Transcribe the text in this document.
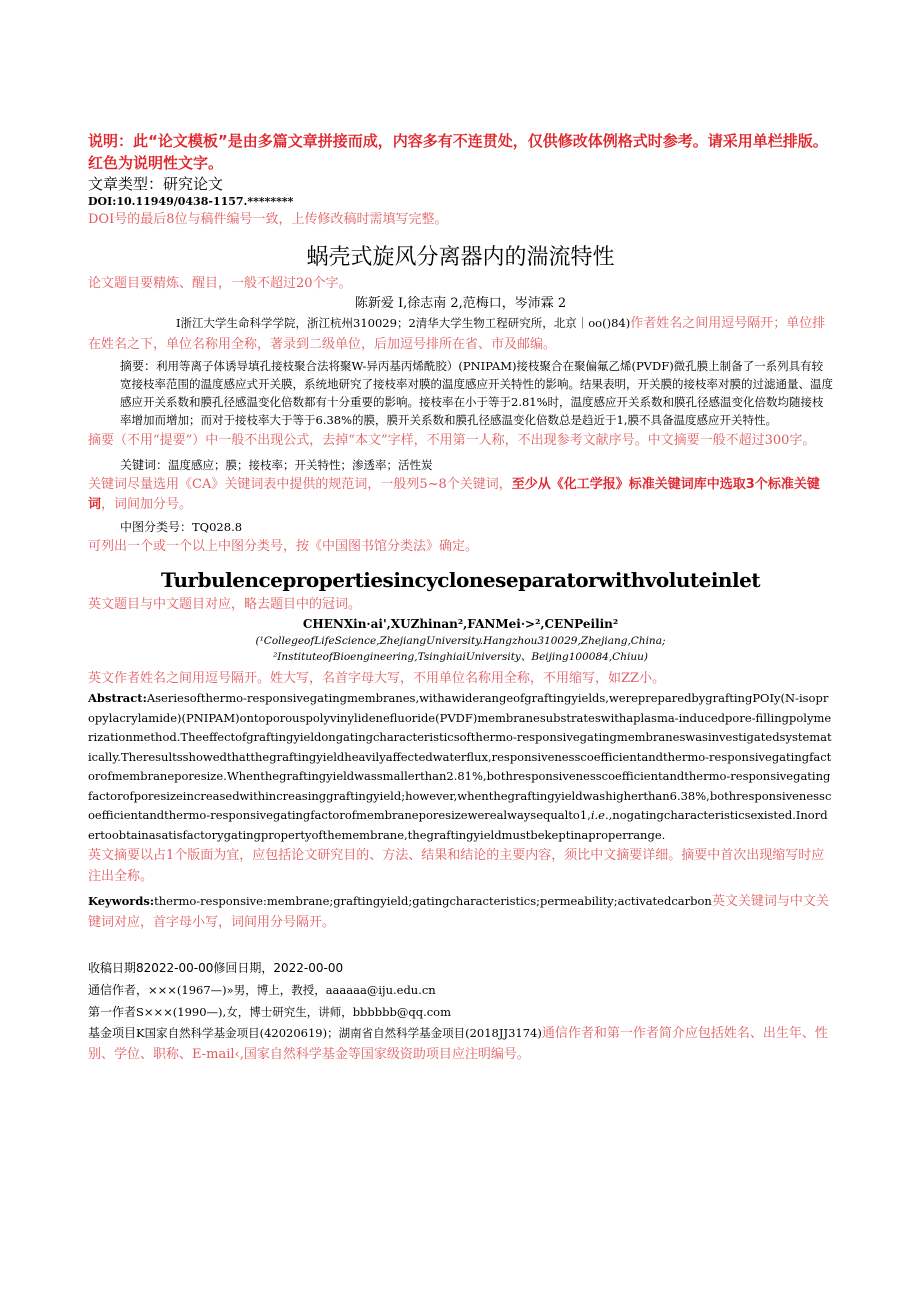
说明：此“论文模板”是由多篇文章拼接而成，内容多有不连贯处，仅供修改体例格式时参考。请采用单栏排版。红色为说明性文字。

文章类型：研究论文

DOI:10.11949/0438-1157.********

DOI号的最后8位与稿件编号一致，上传修改稿时需填写完整。

蜗壳式旋风分离器内的湍流特性

论文题目要精炼、醒目，一般不超过20个字。

陈新爱 I,徐志南 2,范梅口，岑沛霖 2

I浙江大学生命科学学院，浙江杭州310029；2清华大学生物工程研究所，北京｜oo()84)作者姓名之间用逗号隔开；单位排在姓名之下，单位名称用全称，著录到二级单位，后加逗号排所在省、市及邮编。

摘要：利用等离子体诱导填孔接枝聚合法将聚W-异丙基丙烯酰胶）(PNIPAM)接枝聚合在聚偏氟乙烯(PVDF)微孔膜上制备了一系列具有较宽接枝率范围的温度感应式开关膜，系统地研究了接枝率对膜的温度感应开关特性的影响。结果表明，开关膜的接枝率对膜的过滤通量、温度感应开关系数和膜孔径感温变化倍数都有十分重要的影响。接枝率在小于等于2.81%时，温度感应开关系数和膜孔径感温变化倍数均随接枝率增加而增加；而对于接枝率大于等于6.38%的膜，膜开关系数和膜孔径感温变化倍数总是趋近于1,膜不具备温度感应开关特性。

摘要（不用“提要”）中一般不出现公式，去掉“本文”字样，不用第一人称，不出现参考文献序号。中文摘要一般不超过300字。

关键词：温度感应；膜；接枝率；开关特性；渗透率；活性炭

关键词尽量选用《CA》关键词表中提供的规范词，一般列5~8个关键词，至少从《化工学报》标准关键词库中选取3个标准关键词，词间加分号。

中图分类号：TQ028.8

可列出一个或一个以上中图分类号，按《中国图书馆分类法》确定。

Turbulencepropertiesincycloneseparatorwithvoluteinlet

英文题目与中文题目对应，略去题目中的冠词。

CHENXin·ai',XUZhinan²,FANMei·>²,CENPeilin²

(¹CollegeofLifeScience,ZhejiangUniversity.Hangzhou310029,Zhejiang,China;

²InstituteofBioengineering,TsinghiaiUniversity、Beijing100084,Chiuu)

英文作者姓名之间用逗号隔开。姓大写，名首字母大写，不用单位名称用全称，不用缩写，如ZZ小。

Abstract:Aseriesofthermo-responsivegatingmembranes,withawiderangeofgraftingyields,werepreparedbygraftingPOIy(N-isopropylacrylamide)(PNIPAM)ontoporouspolyvinylidenefluoride(PVDF)membranesubstrateswithaplasma-inducedpore-fillingpolymerizationmethod.Theeffectofgraftingyieldongatingcharacteristicsofthermo-responsivegatingmembraneswasinvestigatedsystematically.Theresultsshowedthatthegraftingyieldheavilyaffectedwaterflux,responsivenesscoefficientandthermo-responsivegatingfactorofmembraneporesize.Whenthegraftingyieldwassmallerthan2.81%,bothresponsivenesscoefficientandthermo-responsivegatingfactorofporesizeincreasedwithincreasinggraftingyield;however,whenthegraftingyieldwashigherthan6.38%,bothresponsivenesscoefficientandthermo-responsivegatingfactorofmembraneporesizewerealwaysequalto1,i.e.,nogatingcharacteristicsexisted.Inordertoobtainasatisfactorygatingpropertyofthemembrane,thegraftingyieldmustbekeptinaproperrange.

英文摘要以占1个版面为宜，应包括论文研究目的、方法、结果和结论的主要内容，须比中文摘要详细。摘要中首次出现缩写时应注出全称。

Keywords:thermo-responsive:membrane;graftingyield;gatingcharacteristics;permeability;activatedcarbon英文关键词与中文关键词对应，首字母小写，词间用分号隔开。

收稿日期82022-00-00修回日期，2022-00-00

通信作者，×××(1967—)»男，博上，教授，aaaaaa@iju.edu.cn

第一作者S×××(1990—),女，博士研究生，讲师，bbbbbb@qq.com

基金项目K国家自然科学基金项目(42020619)；湖南省自然科学基金项目(2018JJ3174)通信作者和第一作者简介应包括姓名、出生年、性别、学位、职称、E-mail‹,国家自然科学基金等国家级资助项目应注明编号。
